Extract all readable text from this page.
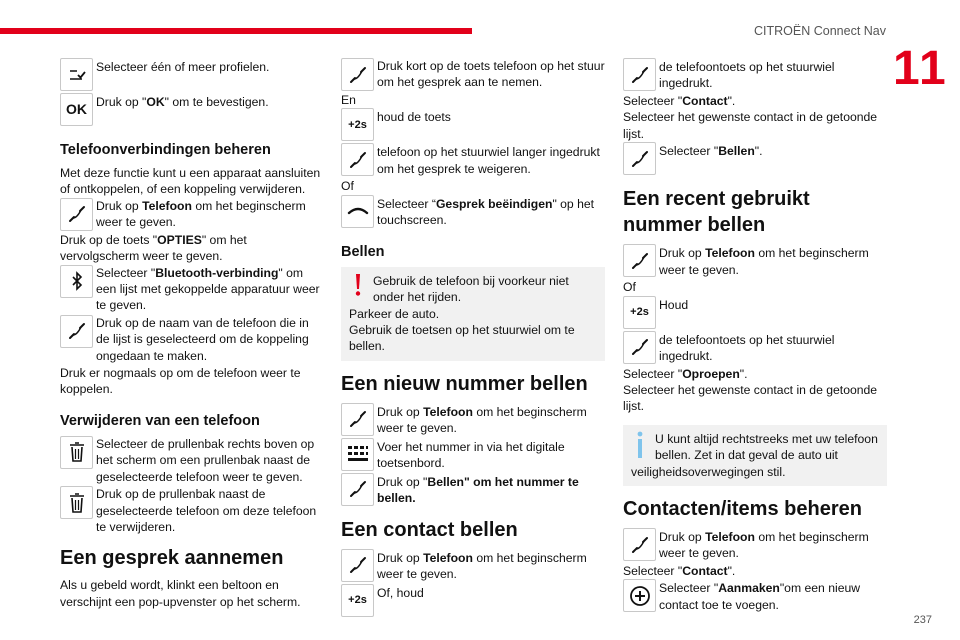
CITROËN Connect Nav
11
237
Selecteer één of meer profielen.
OK Druk op "OK" om te bevestigen.
Telefoonverbindingen beheren

Met deze functie kunt u een apparaat aansluiten of ontkoppelen, of een koppeling verwijderen.

Druk op Telefoon om het beginscherm weer te geven.

Druk op de toets "OPTIES" om het vervolgscherm weer te geven.

Selecteer "Bluetooth-verbinding" om een lijst met gekoppelde apparatuur weer te geven.
Druk op de naam van de telefoon die in de lijst is geselecteerd om de koppeling ongedaan te maken.

Druk er nogmaals op om de telefoon weer te koppelen.

Verwijderen van een telefoon
Selecteer de prullenbak rechts boven op het scherm om een prullenbak naast de geselecteerde telefoon weer te geven.
Druk op de prullenbak naast de geselecteerde telefoon om deze telefoon te verwijderen.
Een gesprek aannemen

Als u gebeld wordt, klinkt een beltoon en verschijnt een pop-upvenster op het scherm.

Druk kort op de toets telefoon op het stuur om het gesprek aan te nemen.

En

+2s
houd de toets
telefoon op het stuurwiel langer ingedrukt om het gesprek te weigeren.

Of

Selecteer “Gesprek beëindigen" op het touchscreen.
Bellen
Gebruik de telefoon bij voorkeur niet onder het rijden.

Parkeer de auto.

Gebruik de toetsen op het stuurwiel om te bellen.

Een nieuw nummer bellen
Druk op Telefoon om het beginscherm weer te geven.
Voer het nummer in via het digitale toetsenbord.
Druk op "Bellen" om het nummer te bellen.
Een contact bellen
Druk op Telefoon om het beginscherm weer te geven.
+2s
Of, houd
de telefoontoets op het stuurwiel ingedrukt.

Selecteer "Contact".

Selecteer het gewenste contact in de getoonde lijst.

Selecteer "Bellen".
Een recent gebruikt nummer bellen
Druk op Telefoon om het beginscherm weer te geven.

Of

+2s
Houd
de telefoontoets op het stuurwiel ingedrukt.

Selecteer "Oproepen".

Selecteer het gewenste contact in de getoonde lijst.

U kunt altijd rechtstreeks met uw telefoon bellen. Zet in dat geval de auto uit

veiligheidsoverwegingen stil.

Contacten/items beheren
Druk op Telefoon om het beginscherm weer te geven.

Selecteer "Contact".

Selecteer "Aanmaken"om een nieuw contact toe te voegen.
